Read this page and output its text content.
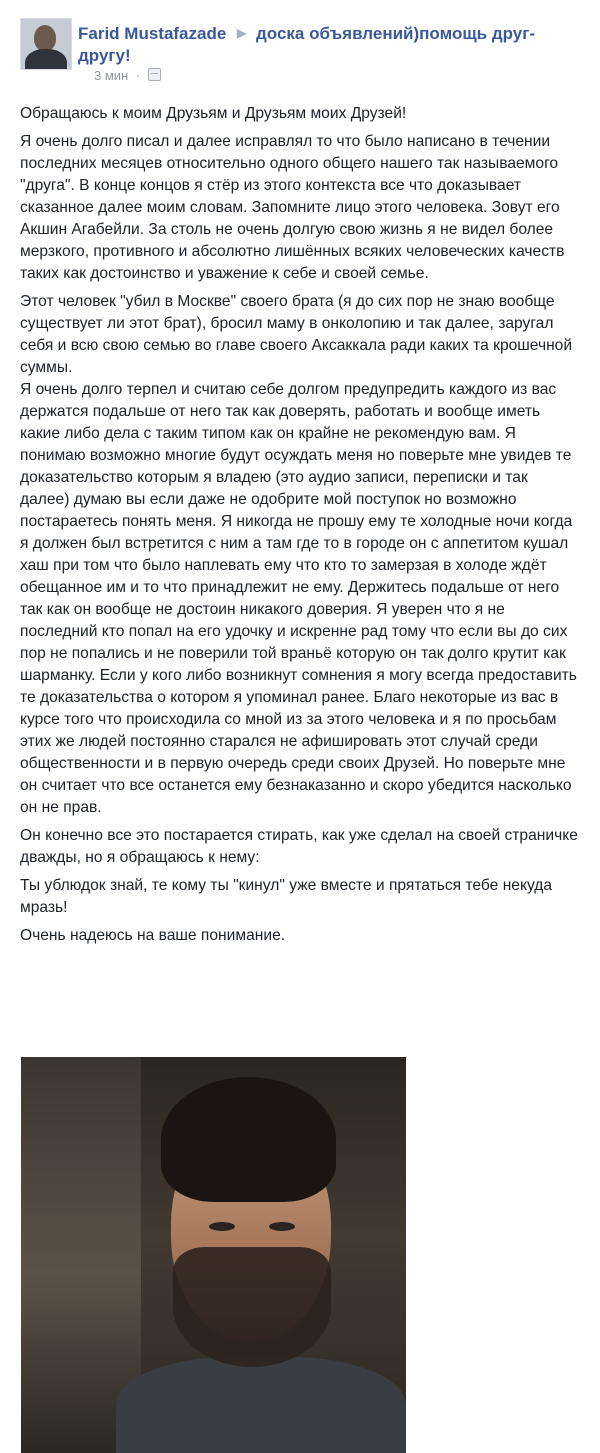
Farid Mustafazade ▶ доска объявлений)помощь друг-другу!
3 мин ·

Обращаюсь к моим Друзьям и Друзьям моих Друзей!

Я очень долго писал и далее исправлял то что было написано в течении последних месяцев относительно одного общего нашего так называемого "друга". В конце концов я стёр из этого контекста все что доказывает сказанное далее моим словам. Запомните лицо этого человека. Зовут его Акшин Агабейли. За столь не очень долгую свою жизнь я не видел более мерзкого, противного и абсолютно лишённых всяких человеческих качеств таких как достоинство и уважение к себе и своей семье.

Этот человек "убил в Москве" своего брата (я до сих пор не знаю вообще существует ли этот брат), бросил маму в онколопию и так далее, заругал себя и всю свою семью во главе своего Аксаккала ради каких та крошечной суммы.
Я очень долго терпел и считаю себе долгом предупредить каждого из вас держатся подальше от него так как доверять, работать и вообще иметь какие либо дела с таким типом как он крайне не рекомендую вам. Я понимаю возможно многие будут осуждать меня но поверьте мне увидев те доказательство которым я владею (это аудио записи, переписки и так далее) думаю вы если даже не одобрите мой поступок но возможно постараетесь понять меня. Я никогда не прошу ему те холодные ночи когда я должен был встретится с ним а там где то в городе он с аппетитом кушал хаш при том что было наплевать ему что кто то замерзая в холоде ждёт обещанное им и то что принадлежит не ему. Держитесь подальше от него так как он вообще не достоин никакого доверия. Я уверен что я не последний кто попал на его удочку и искренне рад тому что если вы до сих пор не попались и не поверили той враньё которую он так долго крутит как шарманку. Если у кого либо возникнут сомнения я могу всегда предоставить те доказательства о котором я упоминал ранее. Благо некоторые из вас в курсе того что происходила со мной из за этого человека и я по просьбам этих же людей постоянно старался не афишировать этот случай среди общественности и в первую очередь среди своих Друзей. Но поверьте мне он считает что все останется ему безнаказанно и скоро убедится насколько он не прав.

Он конечно все это постарается стирать, как уже сделал на своей страничке дважды, но я обращаюсь к нему:

Ты ублюдок знай, те кому ты "кинул" уже вместе и прятаться тебе некуда мразь!

Очень надеюсь на ваше понимание.
